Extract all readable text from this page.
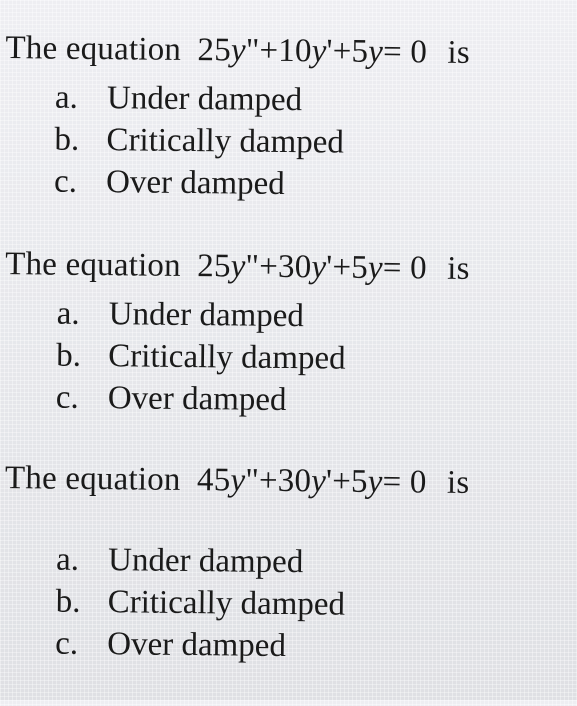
The equation 25y"+10y'+5y= 0 is
a. Under damped
b. Critically damped
c. Over damped
The equation 25y"+30y'+5y= 0 is
a. Under damped
b. Critically damped
c. Over damped
The equation 45y"+30y'+5y= 0 is
a. Under damped
b. Critically damped
c. Over damped
